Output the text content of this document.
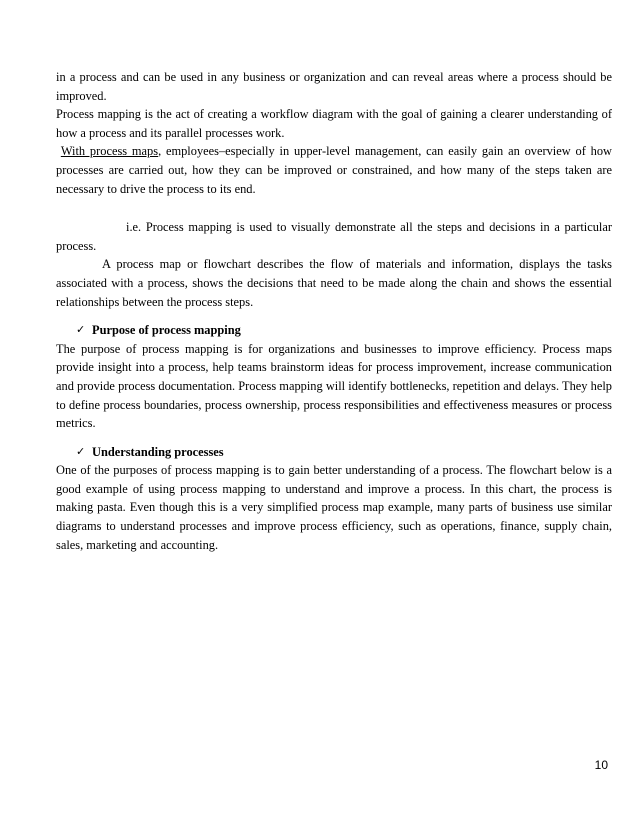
in a process and can be used in any business or organization and can reveal areas where a process should be improved.

Process mapping is the act of creating a workflow diagram with the goal of gaining a clearer understanding of how a process and its parallel processes work.

With process maps, employees–especially in upper-level management, can easily gain an overview of how processes are carried out, how they can be improved or constrained, and how many of the steps taken are necessary to drive the process to its end.

i.e. Process mapping is used to visually demonstrate all the steps and decisions in a particular process.

A process map or flowchart describes the flow of materials and information, displays the tasks associated with a process, shows the decisions that need to be made along the chain and shows the essential relationships between the process steps.

✓ Purpose of process mapping

The purpose of process mapping is for organizations and businesses to improve efficiency. Process maps provide insight into a process, help teams brainstorm ideas for process improvement, increase communication and provide process documentation. Process mapping will identify bottlenecks, repetition and delays. They help to define process boundaries, process ownership, process responsibilities and effectiveness measures or process metrics.

✓ Understanding processes

One of the purposes of process mapping is to gain better understanding of a process. The flowchart below is a good example of using process mapping to understand and improve a process. In this chart, the process is making pasta. Even though this is a very simplified process map example, many parts of business use similar diagrams to understand processes and improve process efficiency, such as operations, finance, supply chain, sales, marketing and accounting.

10
